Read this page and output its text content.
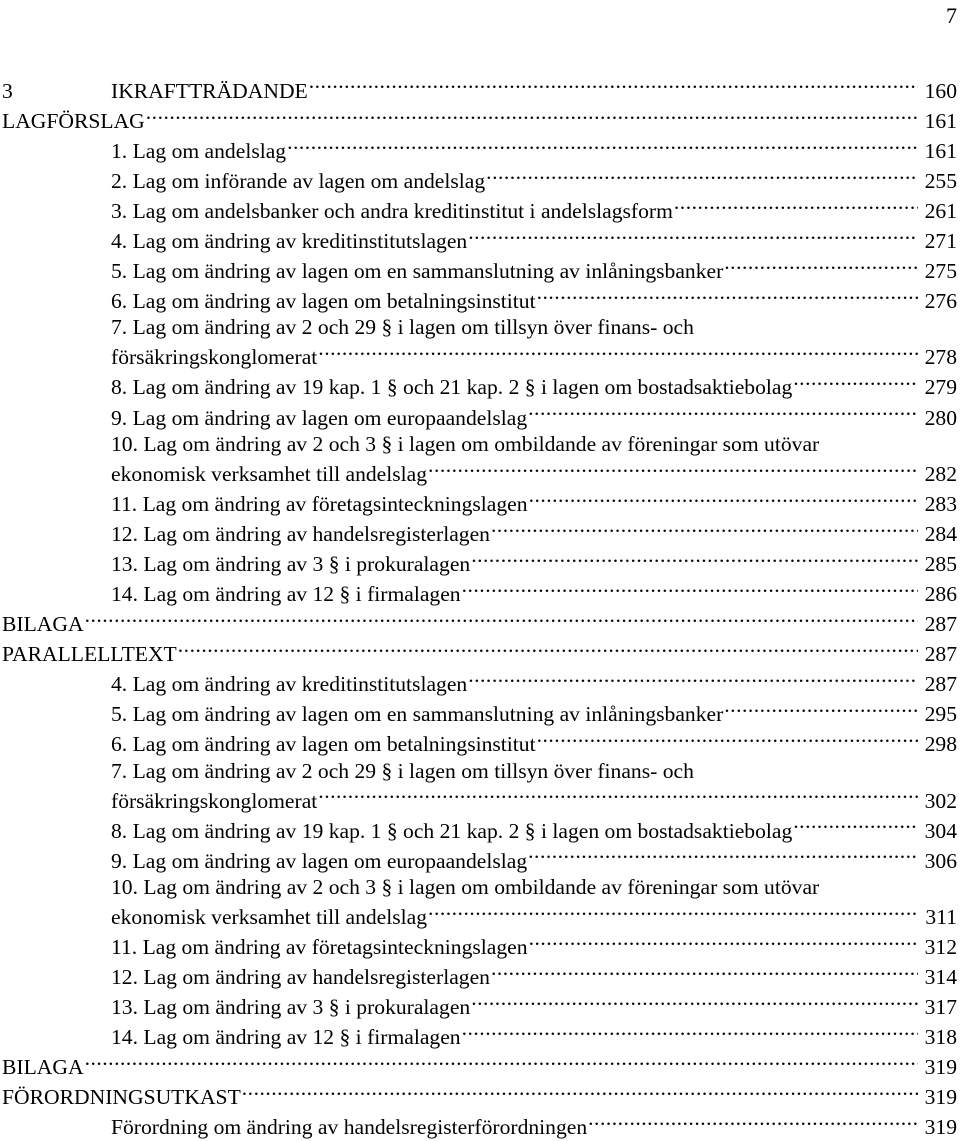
7
3	IKRAFTTRÄDANDE .....	160
LAGFÖRSLAG .....	161
1. Lag om andelslag .....	161
2. Lag om införande av lagen om andelslag .....	255
3. Lag om andelsbanker och andra kreditinstitut i andelslagsform .....	261
4. Lag om ändring av kreditinstitutslagen .....	271
5. Lag om ändring av lagen om en sammanslutning av inlåningsbanker .....	275
6. Lag om ändring av lagen om betalningsinstitut .....	276
7. Lag om ändring av 2 och 29 § i lagen om tillsyn över finans- och
försäkringskonglomerat .....	278
8. Lag om ändring av 19 kap. 1 § och 21 kap. 2 § i lagen om bostadsaktiebolag .....	279
9. Lag om ändring av lagen om europaandelslag .....	280
10. Lag om ändring av 2 och 3 § i lagen om ombildande av föreningar som utövar
ekonomisk verksamhet till andelslag .....	282
11. Lag om ändring av företagsinteckningslagen .....	283
12. Lag om ändring av handelsregisterlagen .....	284
13. Lag om ändring av 3 § i prokuralagen .....	285
14. Lag om ändring av 12 § i firmalagen .....	286
BILAGA .....	287
PARALLELLTEXT .....	287
4. Lag om ändring av kreditinstitutslagen .....	287
5. Lag om ändring av lagen om en sammanslutning av inlåningsbanker .....	295
6. Lag om ändring av lagen om betalningsinstitut .....	298
7. Lag om ändring av 2 och 29 § i lagen om tillsyn över finans- och
försäkringskonglomerat .....	302
8. Lag om ändring av 19 kap. 1 § och 21 kap. 2 § i lagen om bostadsaktiebolag .....	304
9. Lag om ändring av lagen om europaandelslag .....	306
10. Lag om ändring av 2 och 3 § i lagen om ombildande av föreningar som utövar
ekonomisk verksamhet till andelslag .....	311
11. Lag om ändring av företagsinteckningslagen .....	312
12. Lag om ändring av handelsregisterlagen .....	314
13. Lag om ändring av 3 § i prokuralagen .....	317
14. Lag om ändring av 12 § i firmalagen .....	318
BILAGA .....	319
FÖRORDNINGSUTKAST .....	319
Förordning om ändring av handelsregisterförordningen .....	319
